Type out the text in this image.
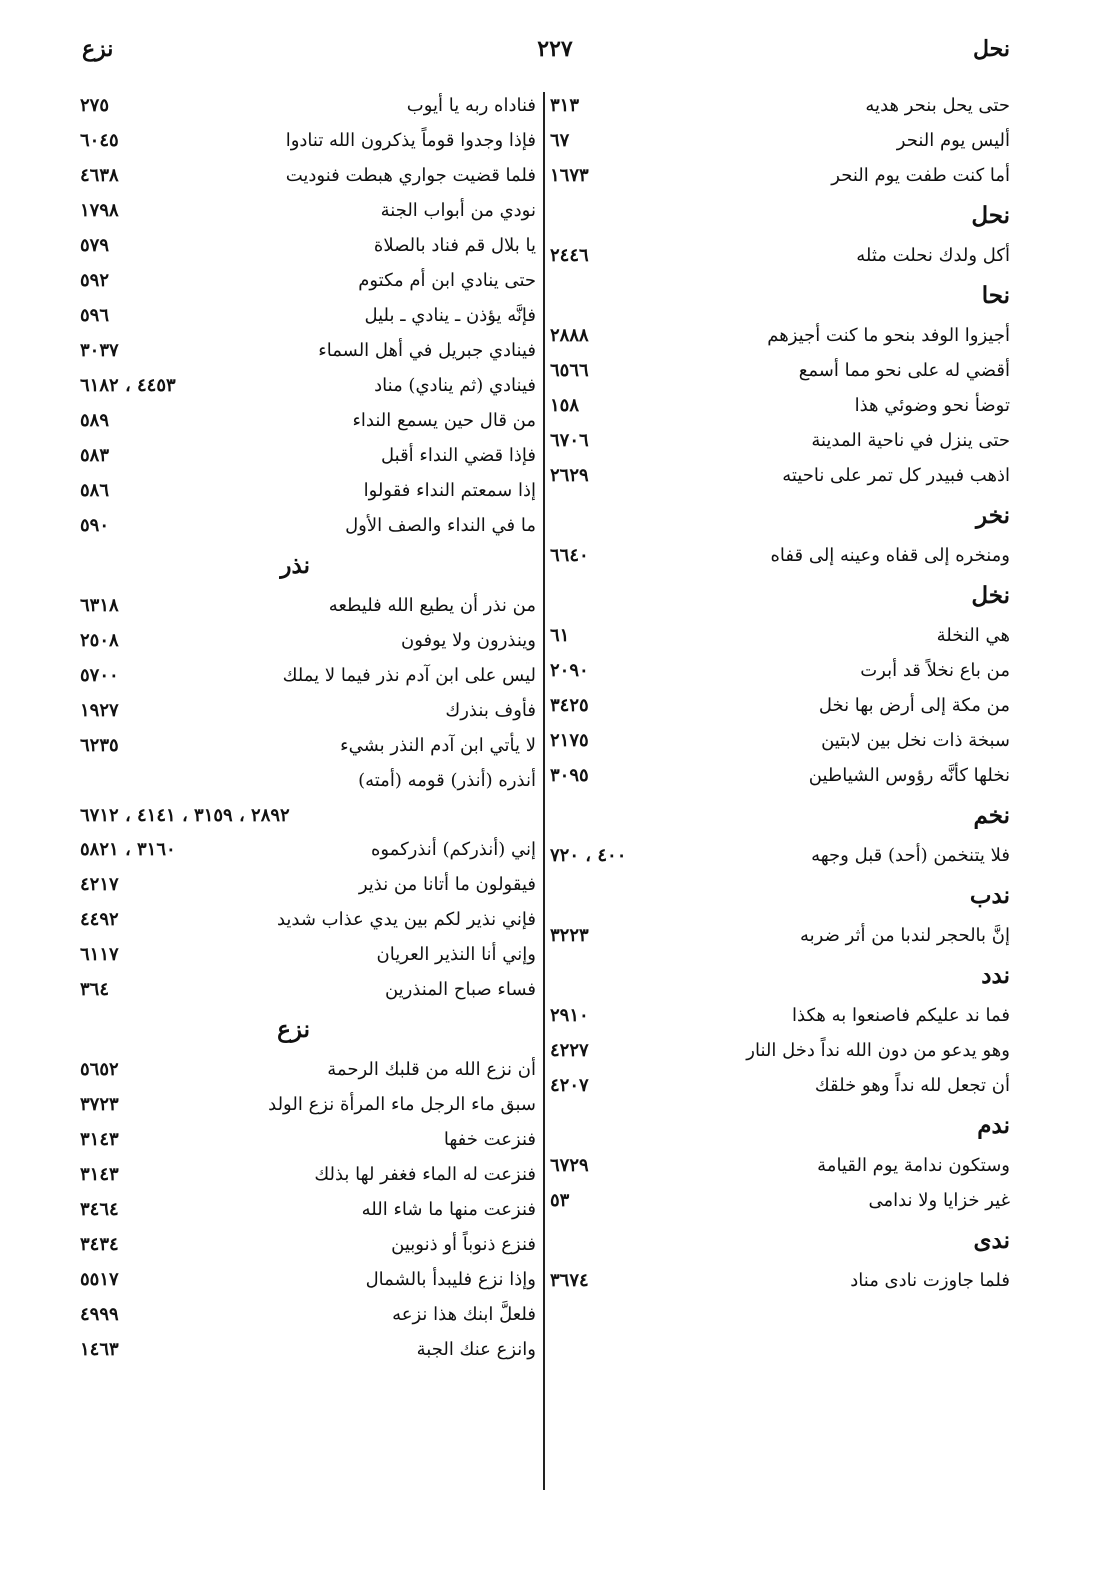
نحل
٢٢٧
نزع
حتى يحل بنحر هديه
٣١٣
أليس يوم النحر
٦٧
أما كنت طفت يوم النحر
١٦٧٣
نحل
أكل ولدك نحلت مثله
٢٤٤٦
نحا
أجيزوا الوفد بنحو ما كنت أجيزهم
٢٨٨٨
أقضي له على نحو مما أسمع
٦٥٦٦
توضأ نحو وضوئي هذا
١٥٨
حتى ينزل في ناحية المدينة
٦٧٠٦
اذهب فبيدر كل تمر على ناحيته
٢٦٢٩
نخر
ومنخره إلى قفاه وعينه إلى قفاه
٦٦٤٠
نخل
هي النخلة
٦١
من باع نخلاً قد أبرت
٢٠٩٠
من مكة إلى أرض بها نخل
٣٤٢٥
سبخة ذات نخل بين لابتين
٢١٧٥
نخلها كأنَّه رؤوس الشياطين
٣٠٩٥
نخم
فلا يتنخمن (أحد) قبل وجهه
٤٠٠ ، ٧٢٠
ندب
إنَّ بالحجر لندبا من أثر ضربه
٣٢٢٣
ندد
فما ند عليكم فاصنعوا به هكذا
٢٩١٠
وهو يدعو من دون الله نداً دخل النار
٤٢٢٧
أن تجعل لله نداً وهو خلقك
٤٢٠٧
ندم
وستكون ندامة يوم القيامة
٦٧٢٩
غير خزايا ولا ندامى
٥٣
ندى
فلما جاوزت نادى مناد
٣٦٧٤
فناداه ربه يا أيوب
٢٧٥
فإذا وجدوا قوماً يذكرون الله تنادوا
٦٠٤٥
فلما قضيت جواري هبطت فنوديت
٤٦٣٨
نودي من أبواب الجنة
١٧٩٨
يا بلال قم فناد بالصلاة
٥٧٩
حتى ينادي ابن أم مكتوم
٥٩٢
فإنَّه يؤذن ـ ينادي ـ بليل
٥٩٦
فينادي جبريل في أهل السماء
٣٠٣٧
فينادي (ثم ينادي) مناد
٤٤٥٣ ، ٦١٨٢
من قال حين يسمع النداء
٥٨٩
فإذا قضي النداء أقبل
٥٨٣
إذا سمعتم النداء فقولوا
٥٨٦
ما في النداء والصف الأول
٥٩٠
نذر
من نذر أن يطيع الله فليطعه
٦٣١٨
وينذرون ولا يوفون
٢٥٠٨
ليس على ابن آدم نذر فيما لا يملك
٥٧٠٠
فأوف بنذرك
١٩٢٧
لا يأتي ابن آدم النذر بشيء
٦٢٣٥
أنذره (أنذر) قومه (أمته)
٢٨٩٢ ، ٣١٥٩ ، ٤١٤١ ، ٦٧١٢
إني (أنذركم) أنذركموه
٣١٦٠ ، ٥٨٢١
فيقولون ما أتانا من نذير
٤٢١٧
فإني نذير لكم بين يدي عذاب شديد
٤٤٩٢
وإني أنا النذير العريان
٦١١٧
فساء صباح المنذرين
٣٦٤
نزع
أن نزع الله من قلبك الرحمة
٥٦٥٢
سبق ماء الرجل ماء المرأة نزع الولد
٣٧٢٣
فنزعت خفها
٣١٤٣
فنزعت له الماء فغفر لها بذلك
٣١٤٣
فنزعت منها ما شاء الله
٣٤٦٤
فنزع ذنوباً أو ذنوبين
٣٤٣٤
وإذا نزع فليبدأ بالشمال
٥٥١٧
فلعلَّ ابنك هذا نزعه
٤٩٩٩
وانزع عنك الجبة
١٤٦٣
